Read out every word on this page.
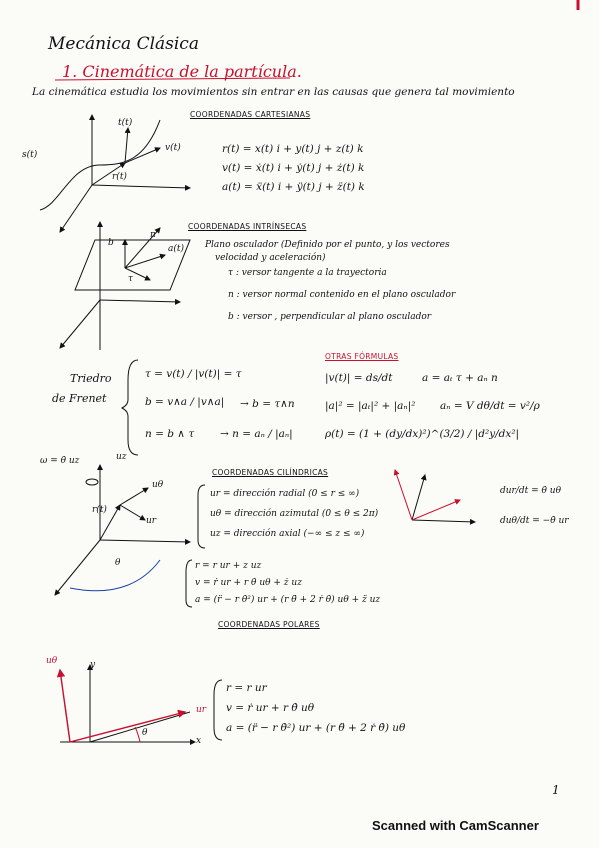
Mecánica Clásica
1. Cinemática de la partícula.
La cinemática estudia los movimientos sin entrar en las causas que genera tal movimiento
COORDENADAS CARTESIANAS
s(t)
v(t)
r(t)
t(t)
r(t) = x(t) i + y(t) j + z(t) k
v(t) = ẋ(t) i + ẏ(t) j + ż(t) k
a(t) = ẍ(t) i + ÿ(t) j + z̈(t) k
COORDENADAS INTRÍNSECAS
b
a(t)
n
τ
Plano osculador (Definido por el punto, y los vectores
velocidad y aceleración)
τ : versor tangente a la trayectoria
n : versor normal contenido en el plano osculador
b : versor , perpendicular al plano osculador
Triedro
de Frenet
τ = v(t) / |v(t)| = τ
b = v∧a / |v∧a| → b = τ∧n
n = b ∧ τ → n = aₙ / |aₙ|
OTRAS FÓRMULAS
|v(t)| = ds/dt	a = aₜ τ + aₙ n
|a|² = |aₜ|² + |aₙ|² aₙ = V dθ/dt = v²/ρ
ρ(t) = (1 + (dy/dx)²)^(3/2) / |d²y/dx²|
ω = θ̇ uz	uz
uθ
ur
r(t)
θ
COORDENADAS CILÍNDRICAS
ur = dirección radial (0 ≤ r ≤ ∞)
uθ = dirección azimutal (0 ≤ θ ≤ 2π)
uz = dirección axial (−∞ ≤ z ≤ ∞)
r = r ur + z uz
v = ṙ ur + r θ̇ uθ + ż uz
a = (r̈ − r θ̇²) ur + (r θ̈ + 2 ṙ θ̇) uθ + z̈ uz
dur/dt = θ̇ uθ
duθ/dt = −θ̇ ur
COORDENADAS POLARES
uθ	y
ur
x
θ
r = r ur
v = ṙ ur + r θ̇ uθ
a = (r̈ − r θ̇²) ur + (r θ̈ + 2 ṙ θ̇) uθ
1
Scanned with CamScanner
